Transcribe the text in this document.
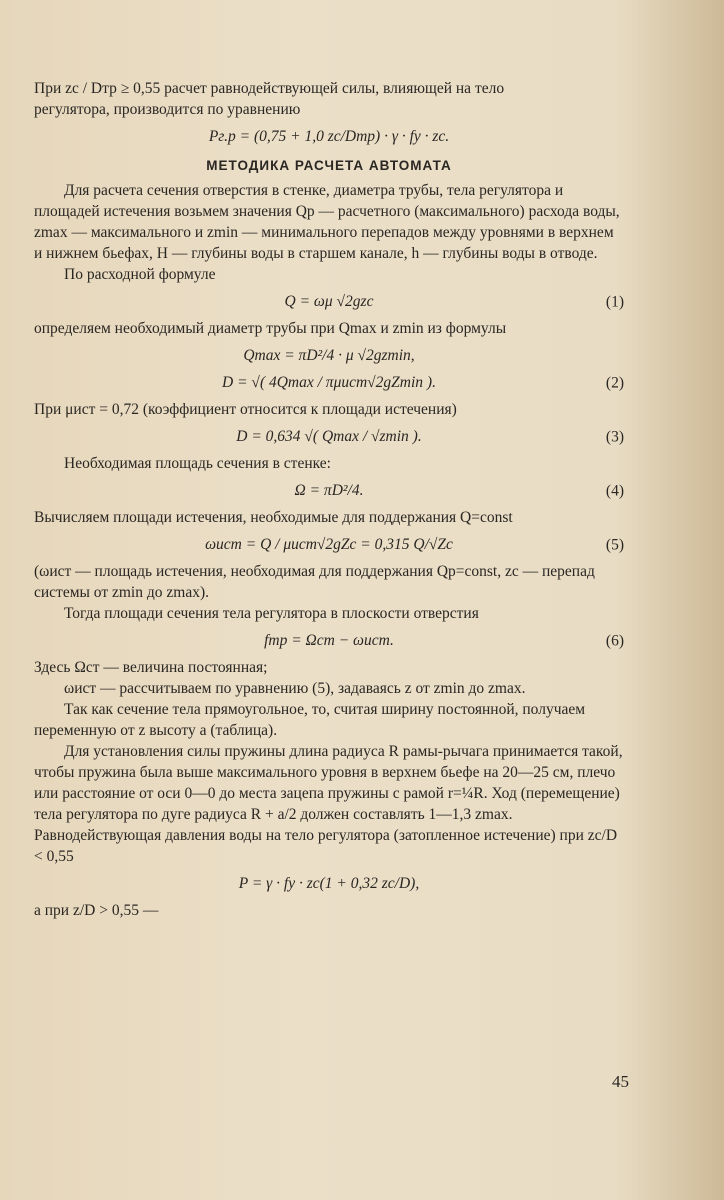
При zc / Dтр ≥ 0,55 расчет равнодействующей силы, влияющей на тело

регулятора, производится по уравнению

Pг.р = (0,75 + 1,0 zc/Dтр) · γ · fу · zc.
МЕТОДИКА РАСЧЕТА АВТОМАТА

Для расчета сечения отверстия в стенке, диаметра трубы, тела регулятора и площадей истечения возьмем значения Qр — расчетного (максимального) расхода воды, zmax — максимального и zmin — минимального перепадов между уровнями в верхнем и нижнем бьефах, H — глубины воды в старшем канале, h — глубины воды в отводе.

По расходной формуле

Q = ωμ √2gzc	(1)

определяем необходимый диаметр трубы при Qmax и zmin из формулы

Qmax = πD²/4 · μ √2gzmin,
D = √( 4Qmax / πμист√2gZmin ).	(2)

При μист = 0,72 (коэффициент относится к площади истечения)

D = 0,634 √( Qmax / √zmin ).	(3)

Необходимая площадь сечения в стенке:

Ω = πD²/4.	(4)

Вычисляем площади истечения, необходимые для поддержания Q=const

ωист = Q / μист√2gZc = 0,315 Q/√Zc	(5)

(ωист — площадь истечения, необходимая для поддержания Qр=const, zc — перепад системы от zmin до zmax).

Тогда площади сечения тела регулятора в плоскости отверстия

fтр = Ωст − ωист.	(6)

Здесь Ωст — величина постоянная;

ωист — рассчитываем по уравнению (5), задаваясь z от zmin до zmax.

Так как сечение тела прямоугольное, то, считая ширину постоянной, получаем переменную от z высоту a (таблица).

Для установления силы пружины длина радиуса R рамы-рычага принимается такой, чтобы пружина была выше максимального уровня в верхнем бьефе на 20—25 см, плечо или расстояние от оси 0—0 до места зацепа пружины с рамой r=¼R. Ход (перемещение) тела регулятора по дуге радиуса R + a/2 должен составлять 1—1,3 zmax. Равнодействующая давления воды на тело регулятора (затопленное истечение) при zc/D < 0,55

P = γ · fу · zc(1 + 0,32 zc/D),

а при z/D > 0,55 —

45
